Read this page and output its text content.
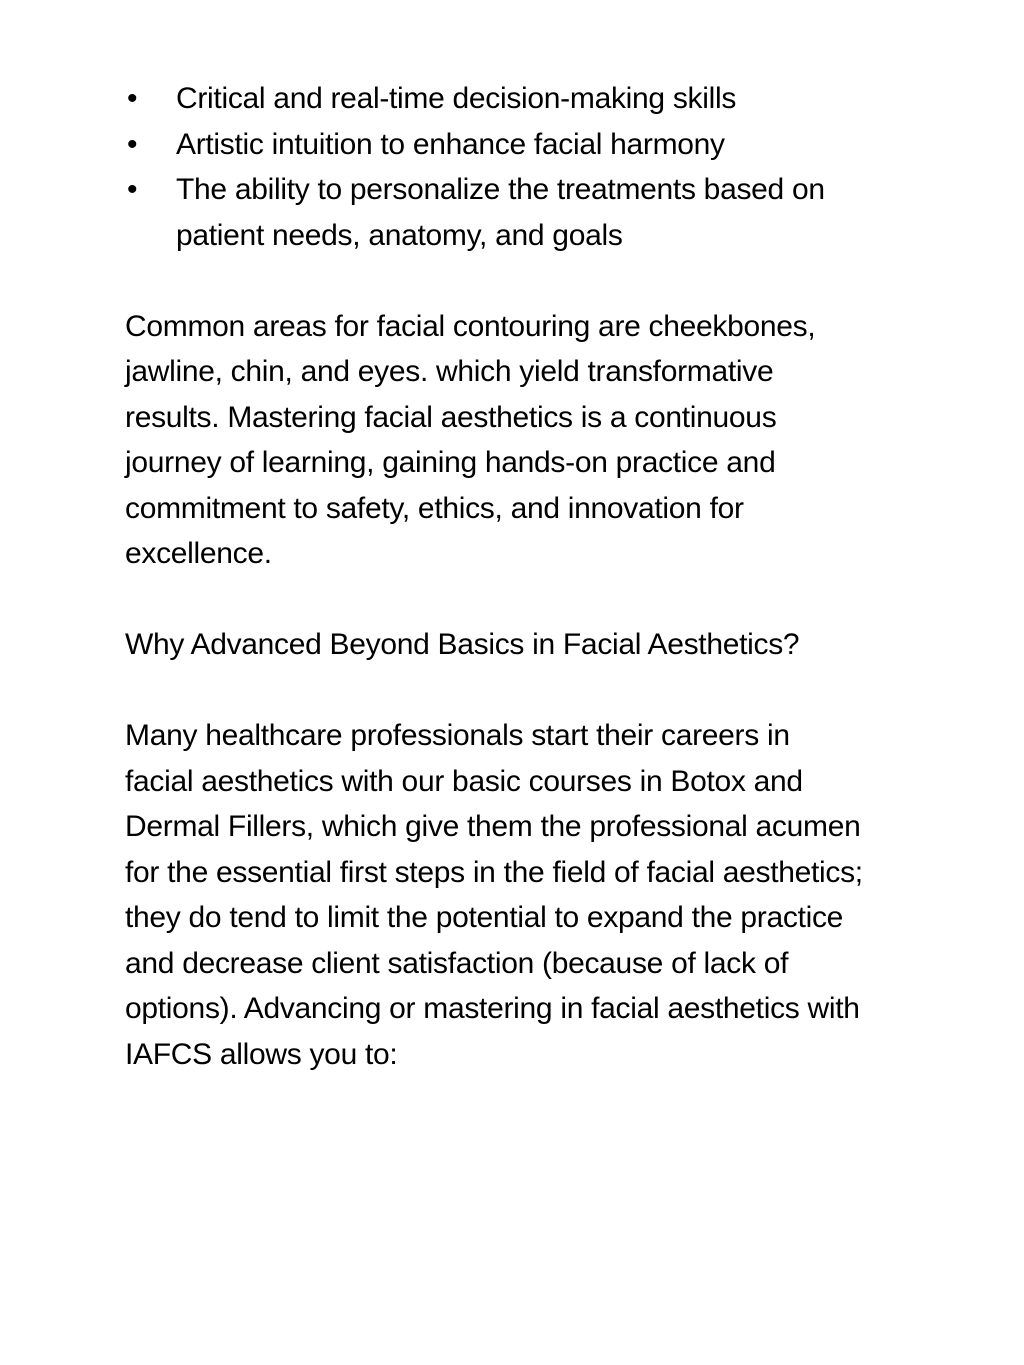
• Critical and real-time decision-making skills
• Artistic intuition to enhance facial harmony
• The ability to personalize the treatments based on patient needs, anatomy, and goals

Common areas for facial contouring are cheekbones, jawline, chin, and eyes. which yield transformative results. Mastering facial aesthetics is a continuous journey of learning, gaining hands-on practice and commitment to safety, ethics, and innovation for excellence.

Why Advanced Beyond Basics in Facial Aesthetics?

Many healthcare professionals start their careers in facial aesthetics with our basic courses in Botox and Dermal Fillers, which give them the professional acumen for the essential first steps in the field of facial aesthetics; they do tend to limit the potential to expand the practice and decrease client satisfaction (because of lack of options). Advancing or mastering in facial aesthetics with IAFCS allows you to:
